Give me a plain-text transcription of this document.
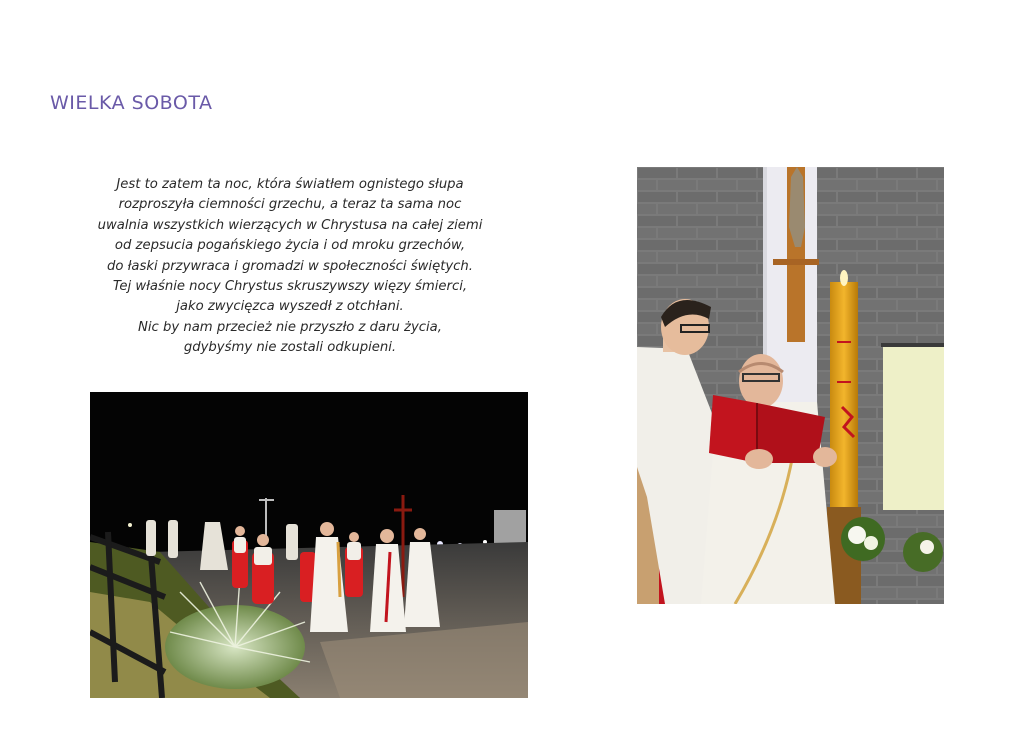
WIELKA SOBOTA
Jest to zatem ta noc, która światłem ognistego słupa
rozproszyła ciemności grzechu, a teraz ta sama noc
uwalnia wszystkich wierzących w Chrystusa na całej ziemi
od zepsucia pogańskiego życia i od mroku grzechów,
do łaski przywraca i gromadzi w społeczności świętych.
Tej właśnie nocy Chrystus skruszywszy więzy śmierci,
jako zwycięzca wyszedł z otchłani.
Nic by nam przecież nie przyszło z daru życia,
gdybyśmy nie zostali odkupieni.
